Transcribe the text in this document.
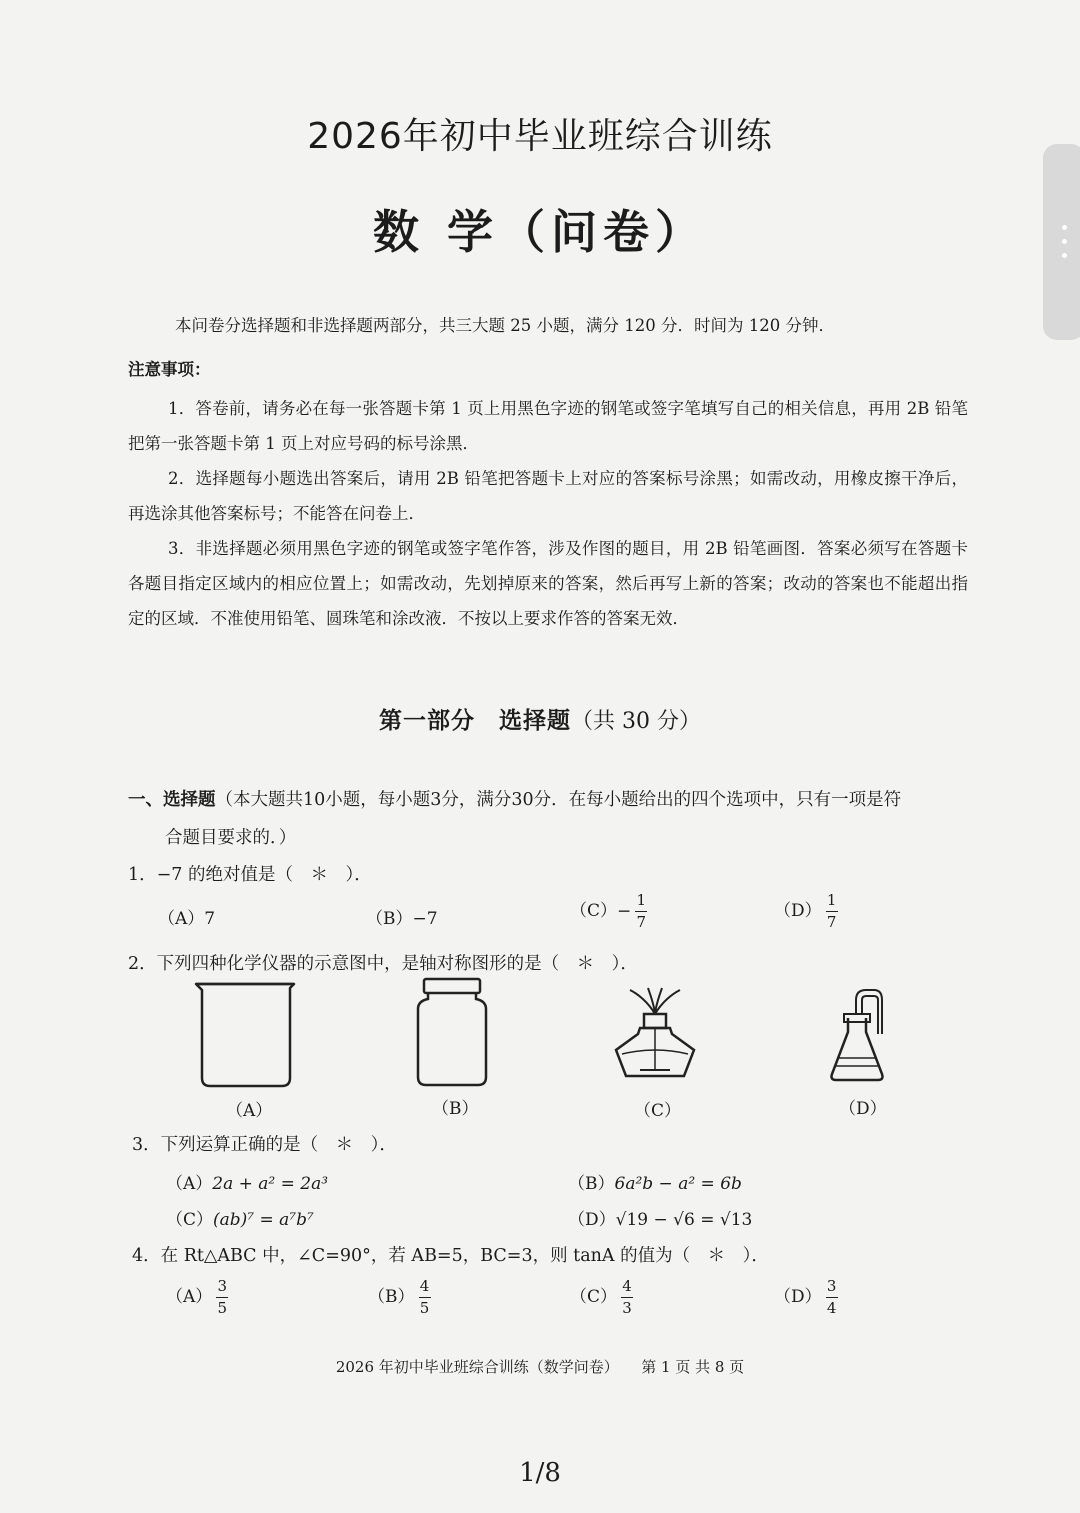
2026年初中毕业班综合训练
数 学（问卷）
本问卷分选择题和非选择题两部分，共三大题 25 小题，满分 120 分．时间为 120 分钟．
注意事项：
1．答卷前，请务必在每一张答题卡第 1 页上用黑色字迹的钢笔或签字笔填写自己的相关信息，再用 2B 铅笔把第一张答题卡第 1 页上对应号码的标号涂黑．
2．选择题每小题选出答案后，请用 2B 铅笔把答题卡上对应的答案标号涂黑；如需改动，用橡皮擦干净后，再选涂其他答案标号；不能答在问卷上．
3．非选择题必须用黑色字迹的钢笔或签字笔作答，涉及作图的题目，用 2B 铅笔画图．答案必须写在答题卡各题目指定区域内的相应位置上；如需改动，先划掉原来的答案，然后再写上新的答案；改动的答案也不能超出指定的区域．不准使用铅笔、圆珠笔和涂改液．不按以上要求作答的答案无效．
第一部分　选择题（共 30 分）
一、选择题（本大题共10小题，每小题3分，满分30分．在每小题给出的四个选项中，只有一项是符
合题目要求的．）
1．−7 的绝对值是（　＊　）．
（A）7	（B）−7	$(C)- \frac{1}{7}$	$(D) \frac{1}{7}$
2．下列四种化学仪器的示意图中，是轴对称图形的是（　＊　）．
（A）	（B）	（C）	（D）
3．下列运算正确的是（　＊　）．
（A）2a + a² = 2a³	（B）6a²b − a² = 6b
（C）(ab)⁷ = a⁷b⁷	（D）√19 − √6 = √13
4．在 Rt△ABC 中，∠C=90°，若 AB=5，BC=3，则 tanA 的值为（　＊　）．
$(A) \frac{3}{5}$	$(B) \frac{4}{5}$	$(C) \frac{4}{3}$	$(D) \frac{3}{4}$
2026 年初中毕业班综合训练（数学问卷）　　第 1 页 共 8 页
1/8
